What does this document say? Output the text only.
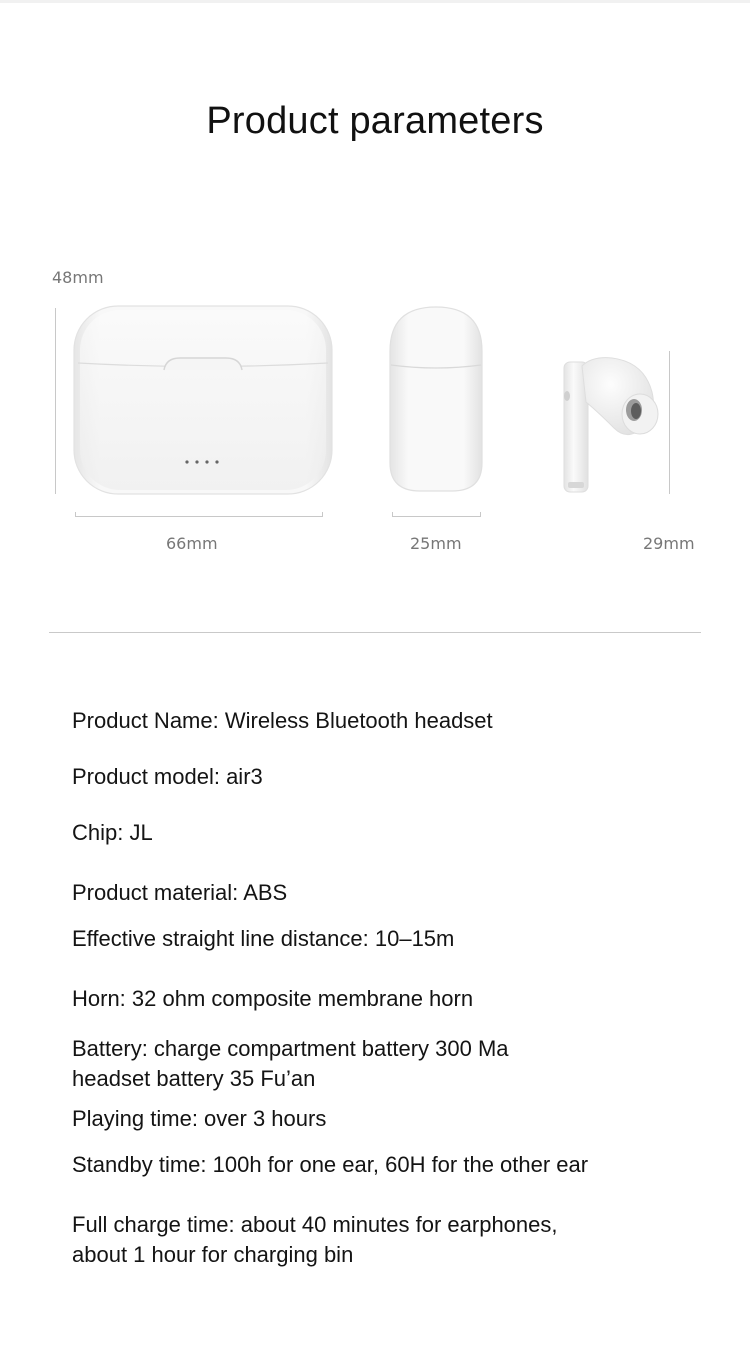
Product parameters
48mm
66mm	25mm	29mm
Product Name: Wireless Bluetooth headset
Product model: air3
Chip: JL
Product material: ABS
Effective straight line distance: 10–15m
Horn: 32 ohm composite membrane horn
Battery: charge compartment battery 300 Ma
headset battery 35 Fu’an
Playing time: over 3 hours
Standby time: 100h for one ear, 60H for the other ear
Full charge time: about 40 minutes for earphones,
about 1 hour for charging bin
